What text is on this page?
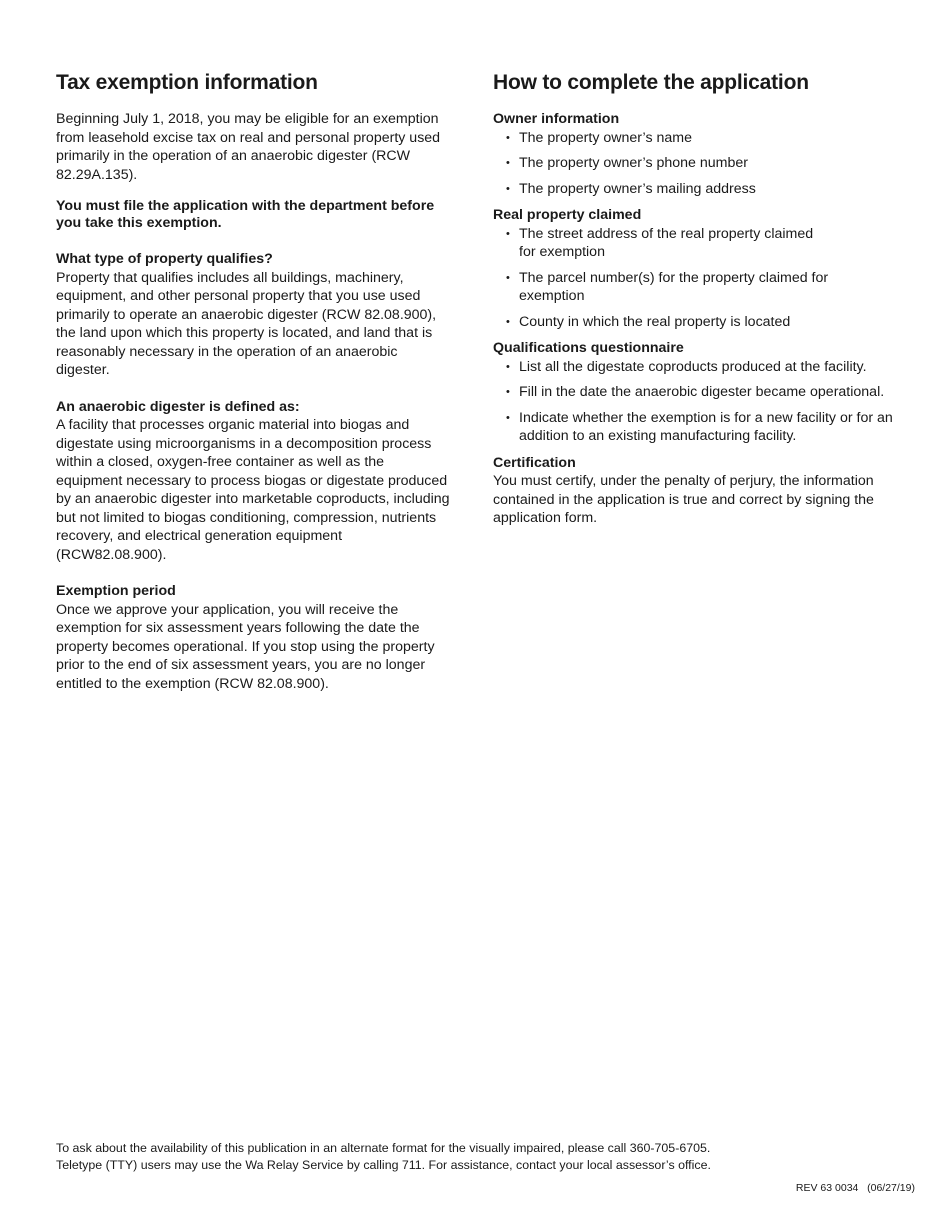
Tax exemption information

Beginning July 1, 2018, you may be eligible for an exemption from leasehold excise tax on real and personal property used primarily in the operation of an anaerobic digester (RCW 82.29A.135).

You must file the application with the department before you take this exemption.

What type of property qualifies?

Property that qualifies includes all buildings, machinery, equipment, and other personal property that you use used primarily to operate an anaerobic digester (RCW 82.08.900), the land upon which this property is located, and land that is reasonably necessary in the operation of an anaerobic digester.

An anaerobic digester is defined as:

A facility that processes organic material into biogas and digestate using microorganisms in a decomposition process within a closed, oxygen-free container as well as the equipment necessary to process biogas or digestate produced by an anaerobic digester into marketable coproducts, including but not limited to biogas conditioning, compression, nutrients recovery, and electrical generation equipment (RCW82.08.900).

Exemption period

Once we approve your application, you will receive the exemption for six assessment years following the date the property becomes operational. If you stop using the property prior to the end of six assessment years, you are no longer entitled to the exemption (RCW 82.08.900).

How to complete the application

Owner information

• The property owner’s name
• The property owner’s phone number
• The property owner’s mailing address

Real property claimed

• The street address of the real property claimed for exemption
• The parcel number(s) for the property claimed for exemption
• County in which the real property is located

Qualifications questionnaire

• List all the digestate coproducts produced at the facility.
• Fill in the date the anaerobic digester became operational.
• Indicate whether the exemption is for a new facility or for an addition to an existing manufacturing facility.

Certification

You must certify, under the penalty of perjury, the information contained in the application is true and correct by signing the application form.

To ask about the availability of this publication in an alternate format for the visually impaired, please call 360-705-6705.
Teletype (TTY) users may use the Wa Relay Service by calling 711. For assistance, contact your local assessor’s office.
REV 63 0034   (06/27/19)
